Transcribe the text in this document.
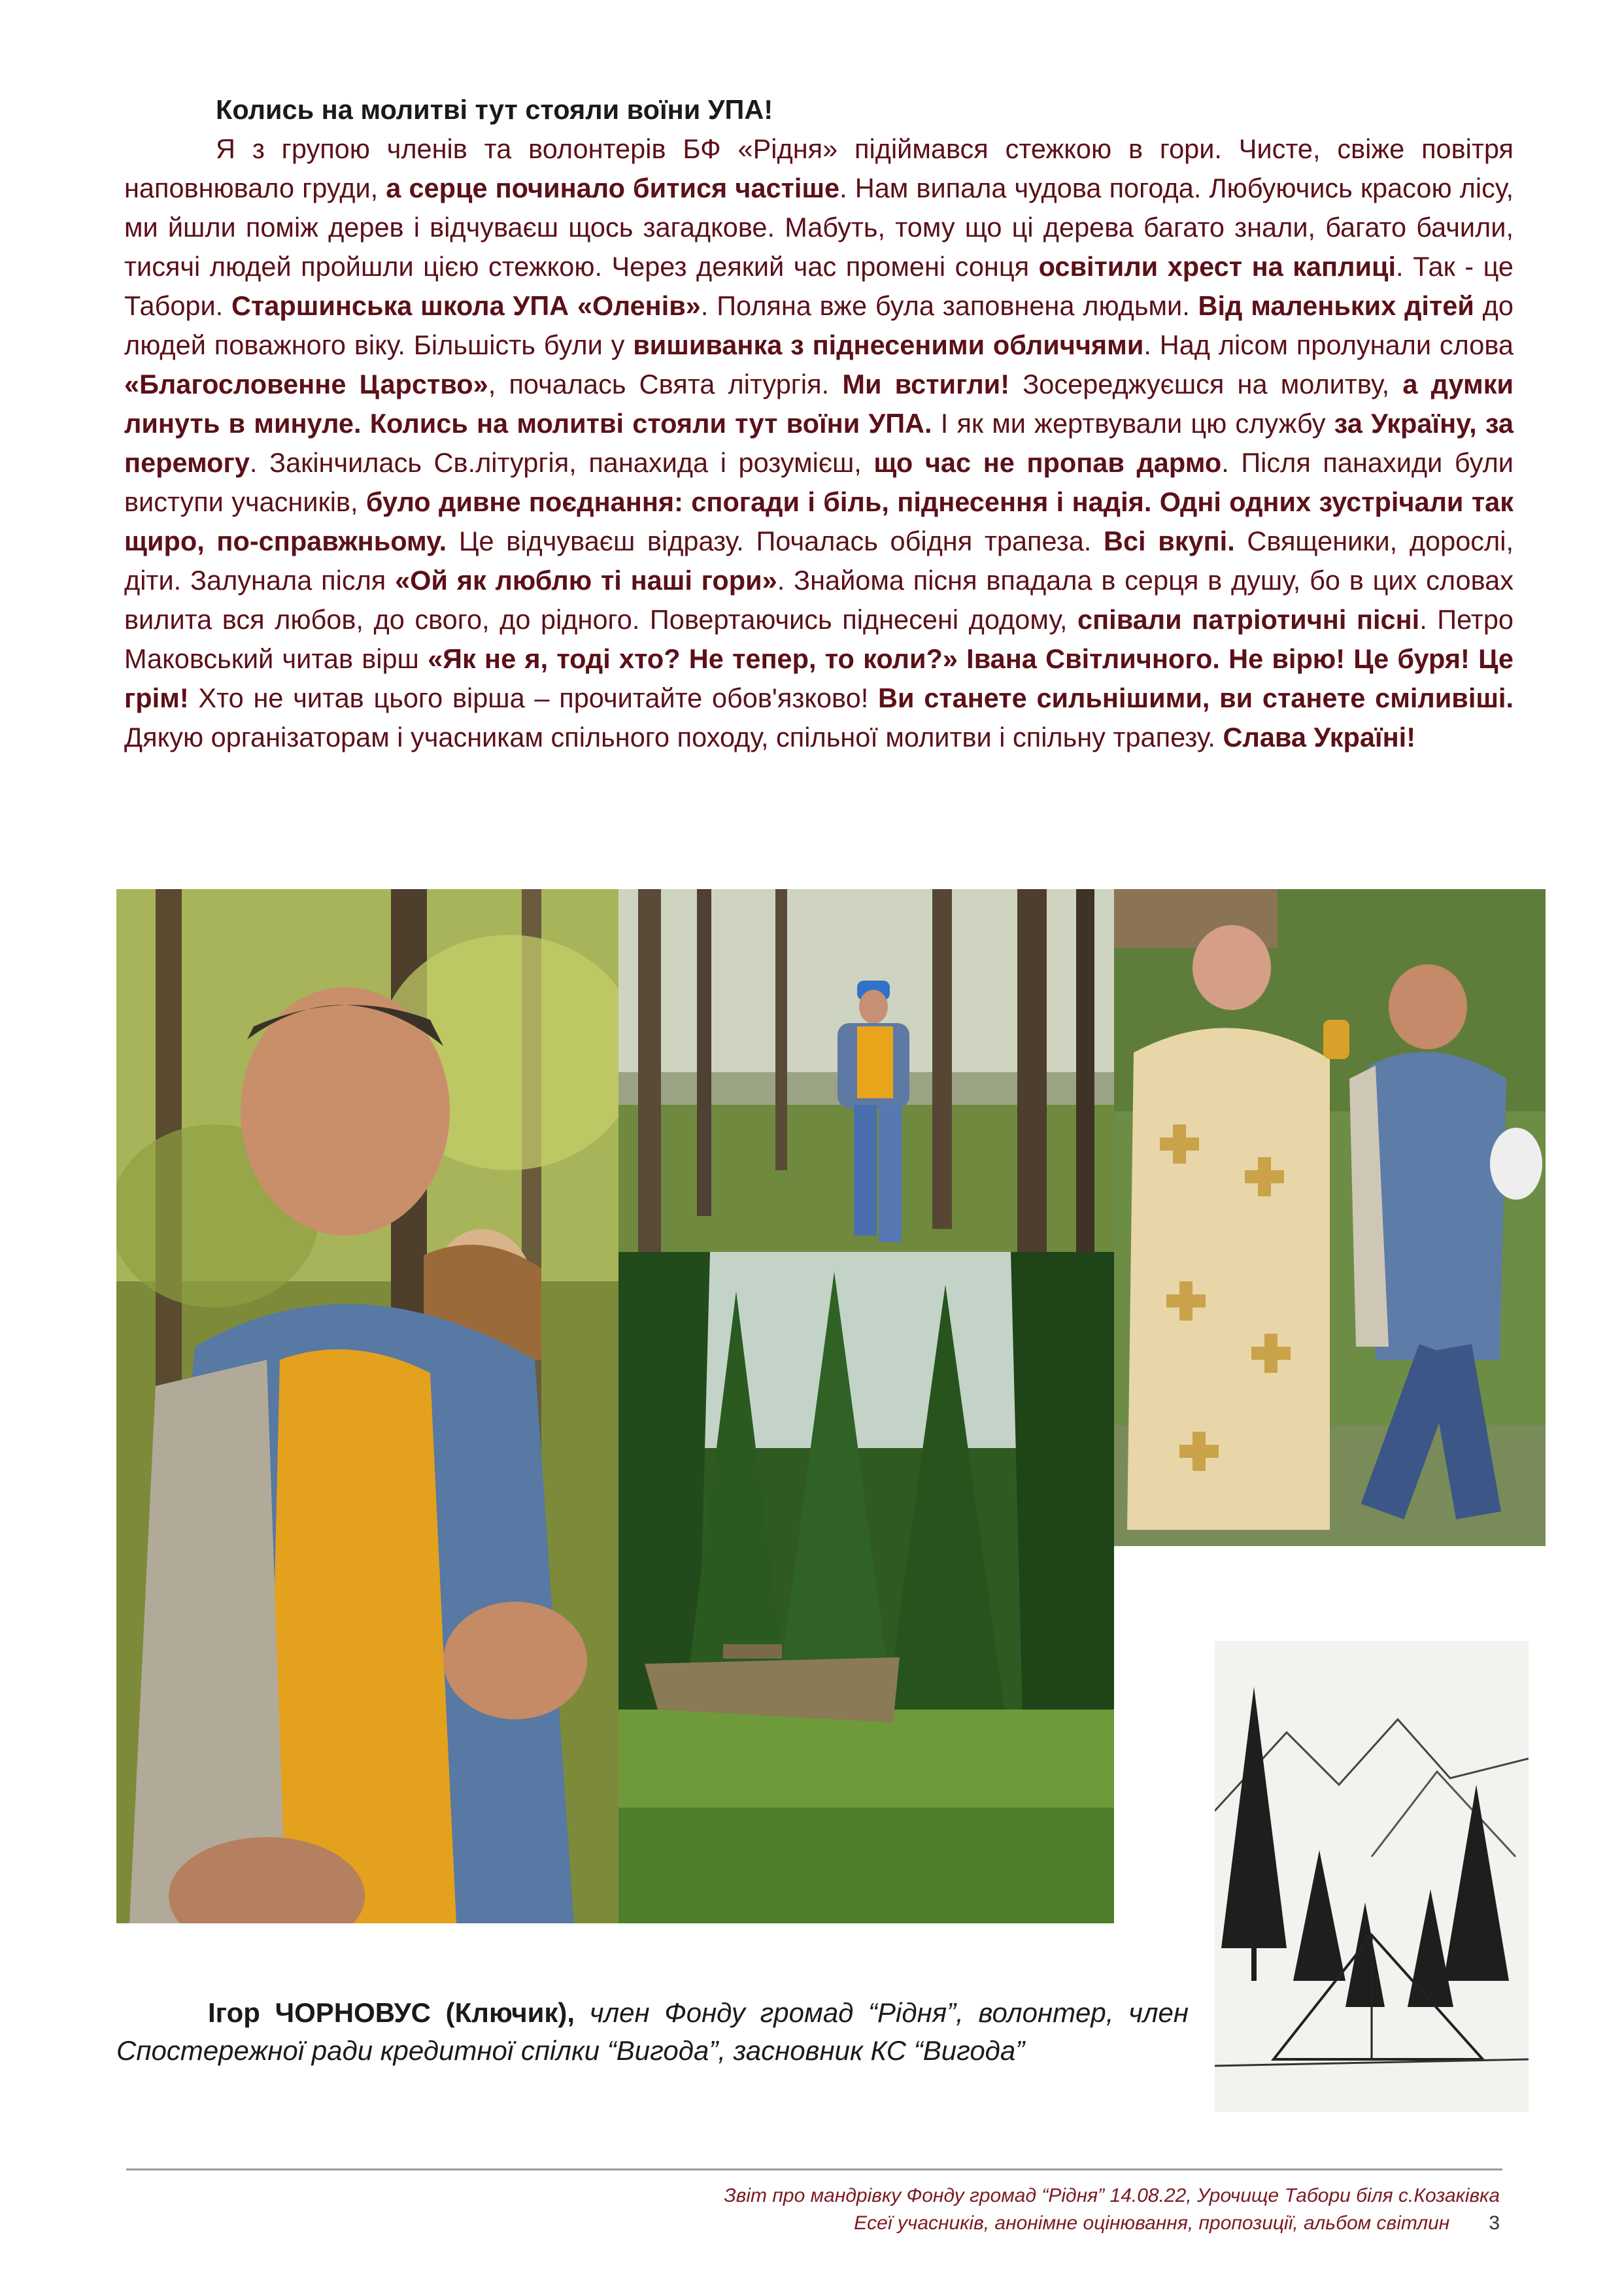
Колись на молитві тут стояли воїни УПА!

Я з групою членів та волонтерів БФ «Рідня» підіймався стежкою в гори. Чисте, свіже повітря наповнювало груди, а серце починало битися частіше. Нам випала чудова погода. Любуючись красою лісу, ми йшли поміж дерев і відчуваєш щось загадкове. Мабуть, тому що ці дерева багато знали, багато бачили, тисячі людей пройшли цією стежкою. Через деякий час промені сонця освітили хрест на каплиці. Так - це Табори. Старшинська школа УПА «Оленів». Поляна вже була заповнена людьми. Від маленьких дітей до людей поважного віку. Більшість були у вишиванка з піднесеними обличчями. Над лісом пролунали слова «Благословенне Царство», почалась Свята літургія. Ми встигли! Зосереджуєшся на молитву, а думки линуть в минуле. Колись на молитві стояли тут воїни УПА. І як ми жертвували цю службу за Україну, за перемогу. Закінчилась Св.літургія, панахида і розумієш, що час не пропав дармо. Після панахиди були виступи учасників, було дивне поєднання: спогади і біль, піднесення і надія. Одні одних зустрічали так щиро, по-справжньому. Це відчуваєш відразу. Почалась обідня трапеза. Всі вкупі. Священики, дорослі, діти. Залунала після «Ой як люблю ті наші гори». Знайома пісня впадала в серця в душу, бо в цих словах вилита вся любов, до свого, до рідного. Повертаючись піднесені додому, співали патріотичні пісні. Петро Маковський читав вірш «Як не я, тоді хто? Не тепер, то коли?» Івана Світличного. Не вірю! Це буря! Це грім! Хто не читав цього вірша – прочитайте обов'язково! Ви станете сильнішими, ви станете сміливіші. Дякую організаторам і учасникам спільного походу, спільної молитви і спільну трапезу. Слава Україні!

Ігор ЧОРНОВУС (Ключик), член Фонду громад “Рідня”, волонтер, член Спостережної ради кредитної спілки “Вигода”, засновник КС “Вигода”
Звіт про мандрівку Фонду громад “Рідня” 14.08.22, Урочище Табори біля с.Козаківка
Есеї учасників, анонімне оцінювання, пропозиції, альбом світлин 3
